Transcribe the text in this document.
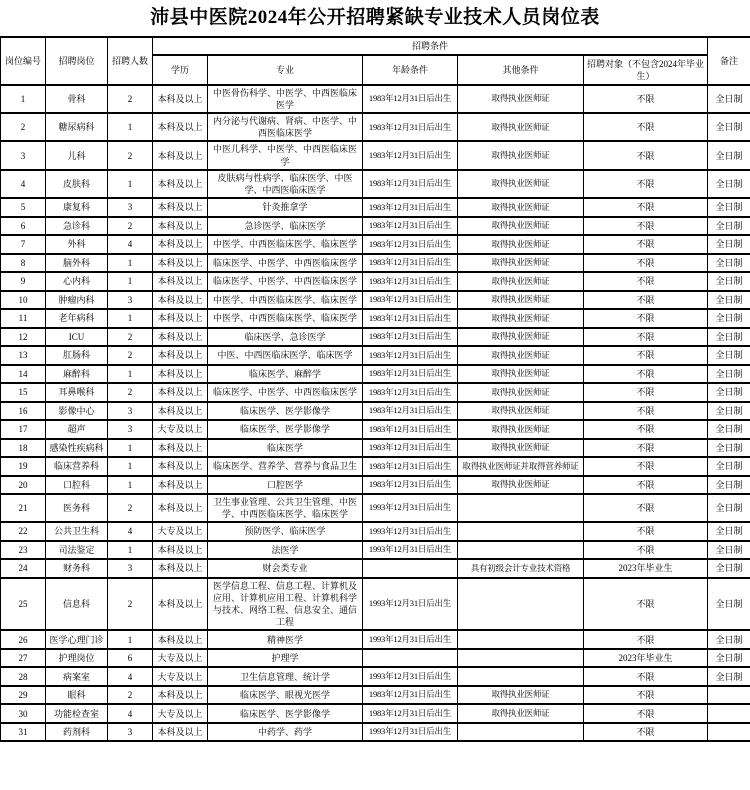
沛县中医院2024年公开招聘紧缺专业技术人员岗位表
岗位编号	招聘岗位	招聘人数	招聘条件					备注
			学历	专业	年龄条件	其他条件	招聘对象（不包含2024年毕业生）	
1	骨科	2	本科及以上	中医骨伤科学、中医学、中西医临床医学	1983年12月31日后出生	取得执业医师证	不限	全日制
2	糖尿病科	1	本科及以上	内分泌与代谢病、肾病、中医学、中西医临床医学	1983年12月31日后出生	取得执业医师证	不限	全日制
3	儿科	2	本科及以上	中医儿科学、中医学、中西医临床医学	1983年12月31日后出生	取得执业医师证	不限	全日制
4	皮肤科	1	本科及以上	皮肤病与性病学、临床医学、中医学、中西医临床医学	1983年12月31日后出生	取得执业医师证	不限	全日制
5	康复科	3	本科及以上	针灸推拿学	1983年12月31日后出生	取得执业医师证	不限	全日制
6	急诊科	2	本科及以上	急诊医学、临床医学	1983年12月31日后出生	取得执业医师证	不限	全日制
7	外科	4	本科及以上	中医学、中西医临床医学、临床医学	1983年12月31日后出生	取得执业医师证	不限	全日制
8	脑外科	1	本科及以上	临床医学、中医学、中西医临床医学	1983年12月31日后出生	取得执业医师证	不限	全日制
9	心内科	1	本科及以上	临床医学、中医学、中西医临床医学	1983年12月31日后出生	取得执业医师证	不限	全日制
10	肿瘤内科	3	本科及以上	中医学、中西医临床医学、临床医学	1983年12月31日后出生	取得执业医师证	不限	全日制
11	老年病科	1	本科及以上	中医学、中西医临床医学、临床医学	1983年12月31日后出生	取得执业医师证	不限	全日制
12	ICU	2	本科及以上	临床医学、急诊医学	1983年12月31日后出生	取得执业医师证	不限	全日制
13	肛肠科	2	本科及以上	中医、中西医临床医学、临床医学	1983年12月31日后出生	取得执业医师证	不限	全日制
14	麻醉科	1	本科及以上	临床医学、麻醉学	1983年12月31日后出生	取得执业医师证	不限	全日制
15	耳鼻喉科	2	本科及以上	临床医学、中医学、中西医临床医学	1983年12月31日后出生	取得执业医师证	不限	全日制
16	影像中心	3	本科及以上	临床医学、医学影像学	1983年12月31日后出生	取得执业医师证	不限	全日制
17	超声	3	大专及以上	临床医学、医学影像学	1983年12月31日后出生	取得执业医师证	不限	全日制
18	感染性疾病科	1	本科及以上	临床医学	1983年12月31日后出生	取得执业医师证	不限	全日制
19	临床营养科	1	本科及以上	临床医学、营养学、营养与食品卫生	1983年12月31日后出生	取得执业医师证并取得营养师证	不限	全日制
20	口腔科	1	本科及以上	口腔医学	1983年12月31日后出生	取得执业医师证	不限	全日制
21	医务科	2	本科及以上	卫生事业管理、公共卫生管理、中医学、中西医临床医学、临床医学	1993年12月31日后出生		不限	全日制
22	公共卫生科	4	大专及以上	预防医学、临床医学	1993年12月31日后出生		不限	全日制
23	司法鉴定	1	本科及以上	法医学	1993年12月31日后出生		不限	全日制
24	财务科	3	本科及以上	财会类专业		具有初级会计专业技术资格	2023年毕业生	全日制
25	信息科	2	本科及以上	医学信息工程、信息工程、计算机及应用、计算机应用工程、计算机科学与技术、网络工程、信息安全、通信工程	1993年12月31日后出生		不限	全日制
26	医学心理门诊	1	本科及以上	精神医学	1993年12月31日后出生		不限	全日制
27	护理岗位	6	大专及以上	护理学			2023年毕业生	全日制
28	病案室	4	大专及以上	卫生信息管理、统计学	1993年12月31日后出生		不限	全日制
29	眼科	2	本科及以上	临床医学、眼视光医学	1983年12月31日后出生	取得执业医师证	不限	
30	功能检查室	4	大专及以上	临床医学、医学影像学	1983年12月31日后出生	取得执业医师证	不限	
31	药剂科	3	本科及以上	中药学、药学	1993年12月31日后出生		不限	
